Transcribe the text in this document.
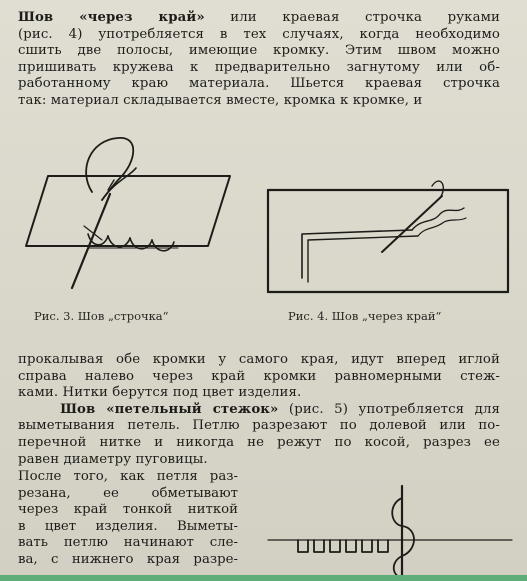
Шов «через край» или краевая строчка руками
(рис. 4) употребляется в тех случаях, когда необходимо
сшить две полосы, имеющие кромку. Этим швом можно
пришивать кружева к предварительно загнутому или об-
работанному краю материала. Шьется краевая строчка
так: материал складывается вместе, кромка к кромке, и
Рис. 3. Шов „строчка“	Рис. 4. Шов „через край“
прокалывая обе кромки у самого края, идут вперед иглой
справа налево через край кромки равномерными стеж-
ками. Нитки берутся под цвет изделия.
Шов «петельный стежок» (рис. 5) употребляется для
выметывания петель. Петлю разрезают по долевой или по-
перечной нитке и никогда не режут по косой, разрез ее
равен диаметру пуговицы.
После того, как петля раз-
резана, ее обметывают
через край тонкой ниткой
в цвет изделия. Выметы-
вать петлю начинают сле-
ва, с нижнего края разре-
